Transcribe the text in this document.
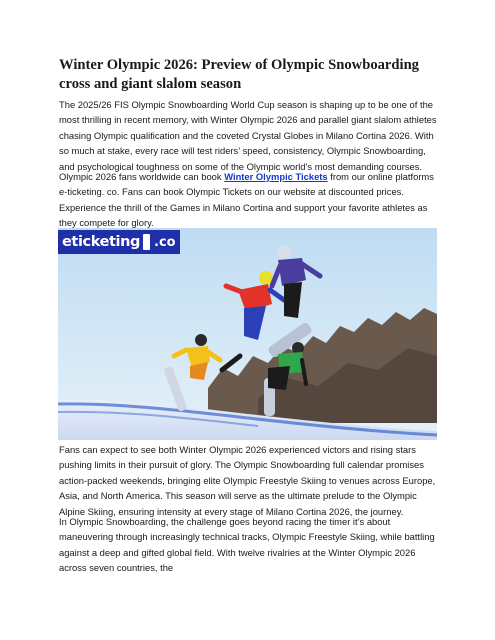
Winter Olympic 2026: Preview of Olympic Snowboarding cross and giant slalom season

The 2025/26 FIS Olympic Snowboarding World Cup season is shaping up to be one of the most thrilling in recent memory, with Winter Olympic 2026 and parallel giant slalom athletes chasing Olympic qualification and the coveted Crystal Globes in Milano Cortina 2026. With so much at stake, every race will test riders’ speed, consistency, Olympic Snowboarding, and psychological toughness on some of the Olympic world’s most demanding courses.

Olympic 2026 fans worldwide can book Winter Olympic Tickets from our online platforms e-ticketing. co. Fans can book Olympic Tickets on our website at discounted prices. Experience the thrill of the Games in Milano Cortina and support your favorite athletes as they compete for glory.

eticketing .co

Fans can expect to see both Winter Olympic 2026 experienced victors and rising stars pushing limits in their pursuit of glory. The Olympic Snowboarding full calendar promises action-packed weekends, bringing elite Olympic Freestyle Skiing to venues across Europe, Asia, and North America. This season will serve as the ultimate prelude to the Olympic Alpine Skiing, ensuring intensity at every stage of Milano Cortina 2026, the journey.

In Olympic Snowboarding, the challenge goes beyond racing the timer it’s about maneuvering through increasingly technical tracks, Olympic Freestyle Skiing, while battling against a deep and gifted global field. With twelve rivalries at the Winter Olympic 2026 across seven countries, the
